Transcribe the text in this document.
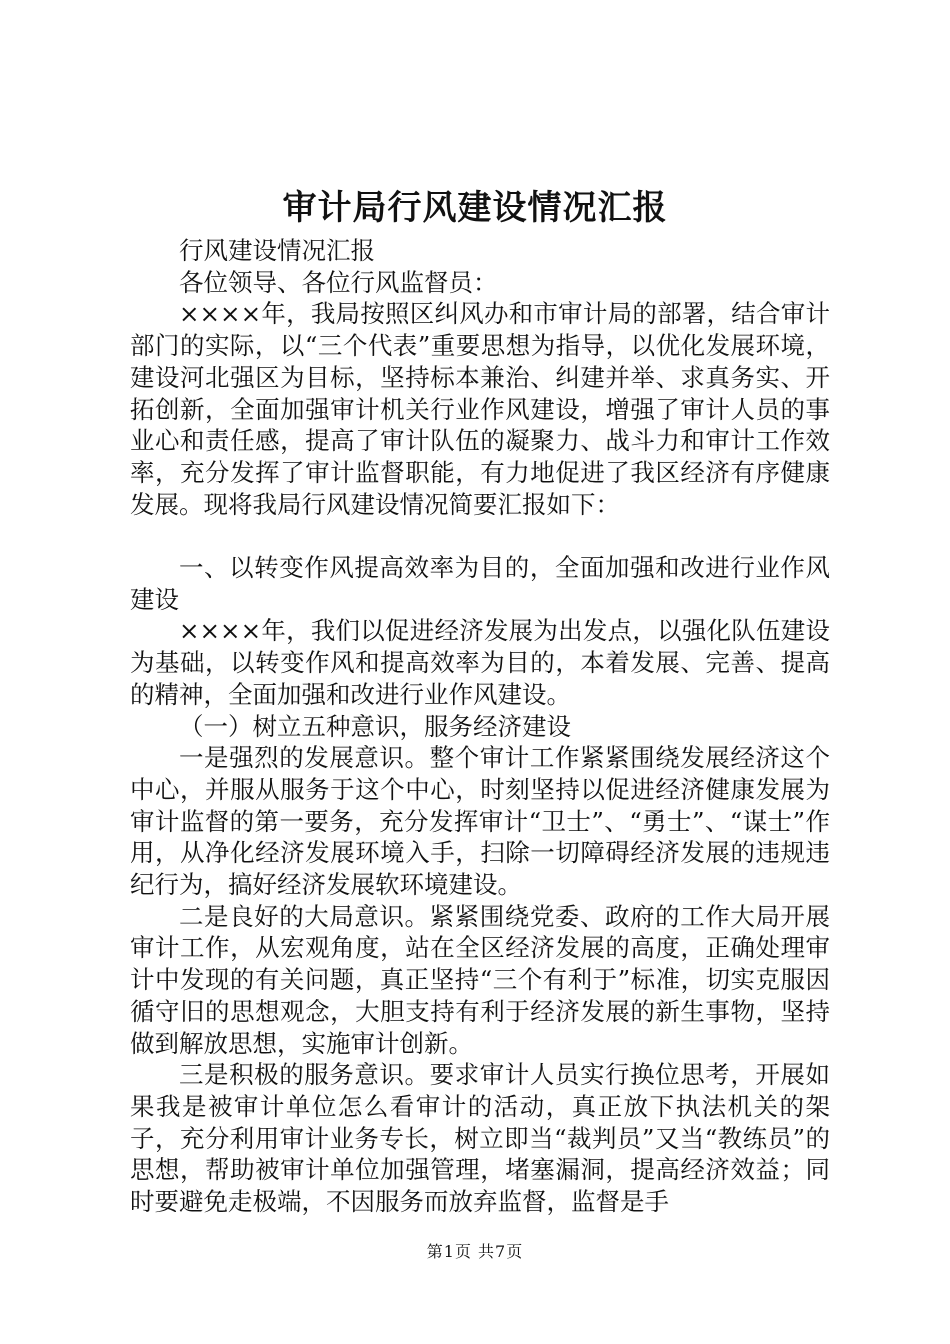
审计局行风建设情况汇报

行风建设情况汇报

各位领导、各位行风监督员：

××××年，我局按照区纠风办和市审计局的部署，结合审计部门的实际，以“三个代表”重要思想为指导，以优化发展环境，建设河北强区为目标，坚持标本兼治、纠建并举、求真务实、开拓创新，全面加强审计机关行业作风建设，增强了审计人员的事业心和责任感，提高了审计队伍的凝聚力、战斗力和审计工作效率，充分发挥了审计监督职能，有力地促进了我区经济有序健康发展。现将我局行风建设情况简要汇报如下：

一、以转变作风提高效率为目的，全面加强和改进行业作风建设

××××年，我们以促进经济发展为出发点，以强化队伍建设为基础，以转变作风和提高效率为目的，本着发展、完善、提高的精神，全面加强和改进行业作风建设。

（一）树立五种意识，服务经济建设

一是强烈的发展意识。整个审计工作紧紧围绕发展经济这个中心，并服从服务于这个中心，时刻坚持以促进经济健康发展为审计监督的第一要务，充分发挥审计“卫士”、“勇士”、“谋士”作用，从净化经济发展环境入手，扫除一切障碍经济发展的违规违纪行为，搞好经济发展软环境建设。

二是良好的大局意识。紧紧围绕党委、政府的工作大局开展审计工作，从宏观角度，站在全区经济发展的高度，正确处理审计中发现的有关问题，真正坚持“三个有利于”标准，切实克服因循守旧的思想观念，大胆支持有利于经济发展的新生事物，坚持做到解放思想，实施审计创新。

三是积极的服务意识。要求审计人员实行换位思考，开展如果我是被审计单位怎么看审计的活动，真正放下执法机关的架子，充分利用审计业务专长，树立即当“裁判员”又当“教练员”的思想，帮助被审计单位加强管理，堵塞漏洞，提高经济效益；同时要避免走极端，不因服务而放弃监督，监督是手

第1页 共7页
